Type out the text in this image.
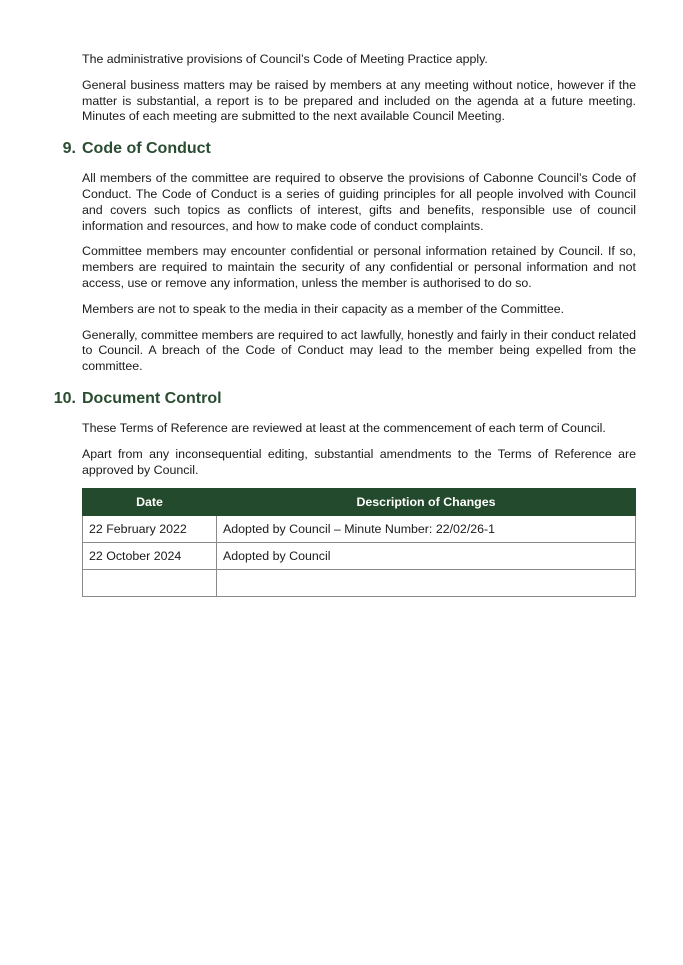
The administrative provisions of Council’s Code of Meeting Practice apply.

General business matters may be raised by members at any meeting without notice, however if the matter is substantial, a report is to be prepared and included on the agenda at a future meeting. Minutes of each meeting are submitted to the next available Council Meeting.

9. Code of Conduct

All members of the committee are required to observe the provisions of Cabonne Council’s Code of Conduct. The Code of Conduct is a series of guiding principles for all people involved with Council and covers such topics as conflicts of interest, gifts and benefits, responsible use of council information and resources, and how to make code of conduct complaints.

Committee members may encounter confidential or personal information retained by Council. If so, members are required to maintain the security of any confidential or personal information and not access, use or remove any information, unless the member is authorised to do so.

Members are not to speak to the media in their capacity as a member of the Committee.

Generally, committee members are required to act lawfully, honestly and fairly in their conduct related to Council. A breach of the Code of Conduct may lead to the member being expelled from the committee.

10. Document Control

These Terms of Reference are reviewed at least at the commencement of each term of Council.

Apart from any inconsequential editing, substantial amendments to the Terms of Reference are approved by Council.

Date	Description of Changes
22 February 2022	Adopted by Council – Minute Number: 22/02/26-1
22 October 2024	Adopted by Council
